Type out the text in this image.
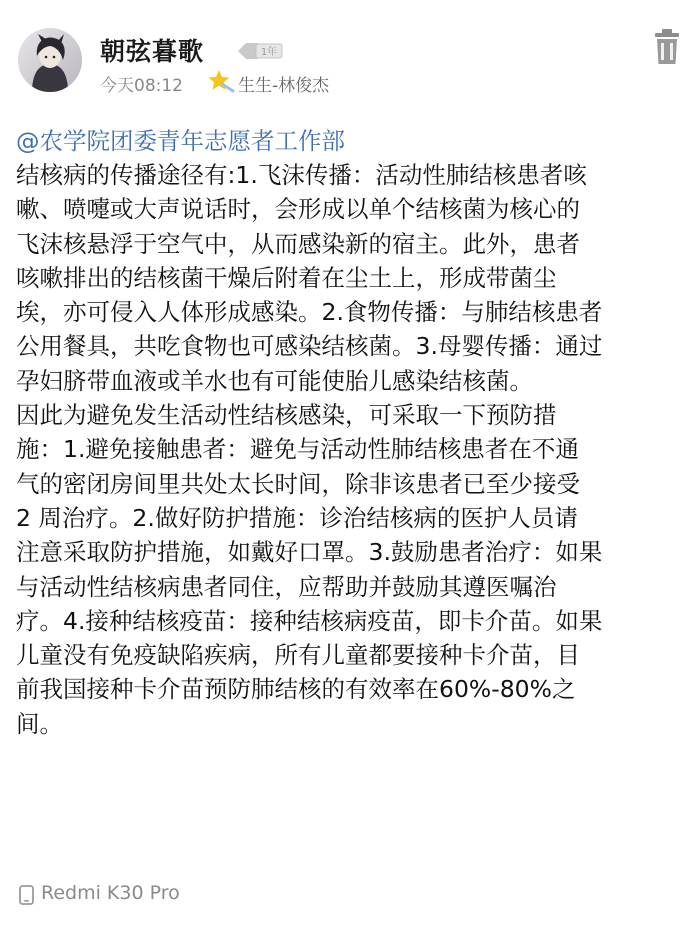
朝弦暮歌	1年
今天08:12	生生-林俊杰
@农学院团委青年志愿者工作部
结核病的传播途径有:1.飞沫传播：活动性肺结核患者咳
嗽、喷嚏或大声说话时，会形成以单个结核菌为核心的
飞沫核悬浮于空气中，从而感染新的宿主。此外，患者
咳嗽排出的结核菌干燥后附着在尘土上，形成带菌尘
埃，亦可侵入人体形成感染。2.食物传播：与肺结核患者
公用餐具，共吃食物也可感染结核菌。3.母婴传播：通过
孕妇脐带血液或羊水也有可能使胎儿感染结核菌。
因此为避免发生活动性结核感染，可采取一下预防措
施：1.避免接触患者：避免与活动性肺结核患者在不通
气的密闭房间里共处太长时间，除非该患者已至少接受
2 周治疗。2.做好防护措施：诊治结核病的医护人员请
注意采取防护措施，如戴好口罩。3.鼓励患者治疗：如果
与活动性结核病患者同住，应帮助并鼓励其遵医嘱治
疗。4.接种结核疫苗：接种结核病疫苗，即卡介苗。如果
儿童没有免疫缺陷疾病，所有儿童都要接种卡介苗，目
前我国接种卡介苗预防肺结核的有效率在60%-80%之
间。
Redmi K30 Pro
